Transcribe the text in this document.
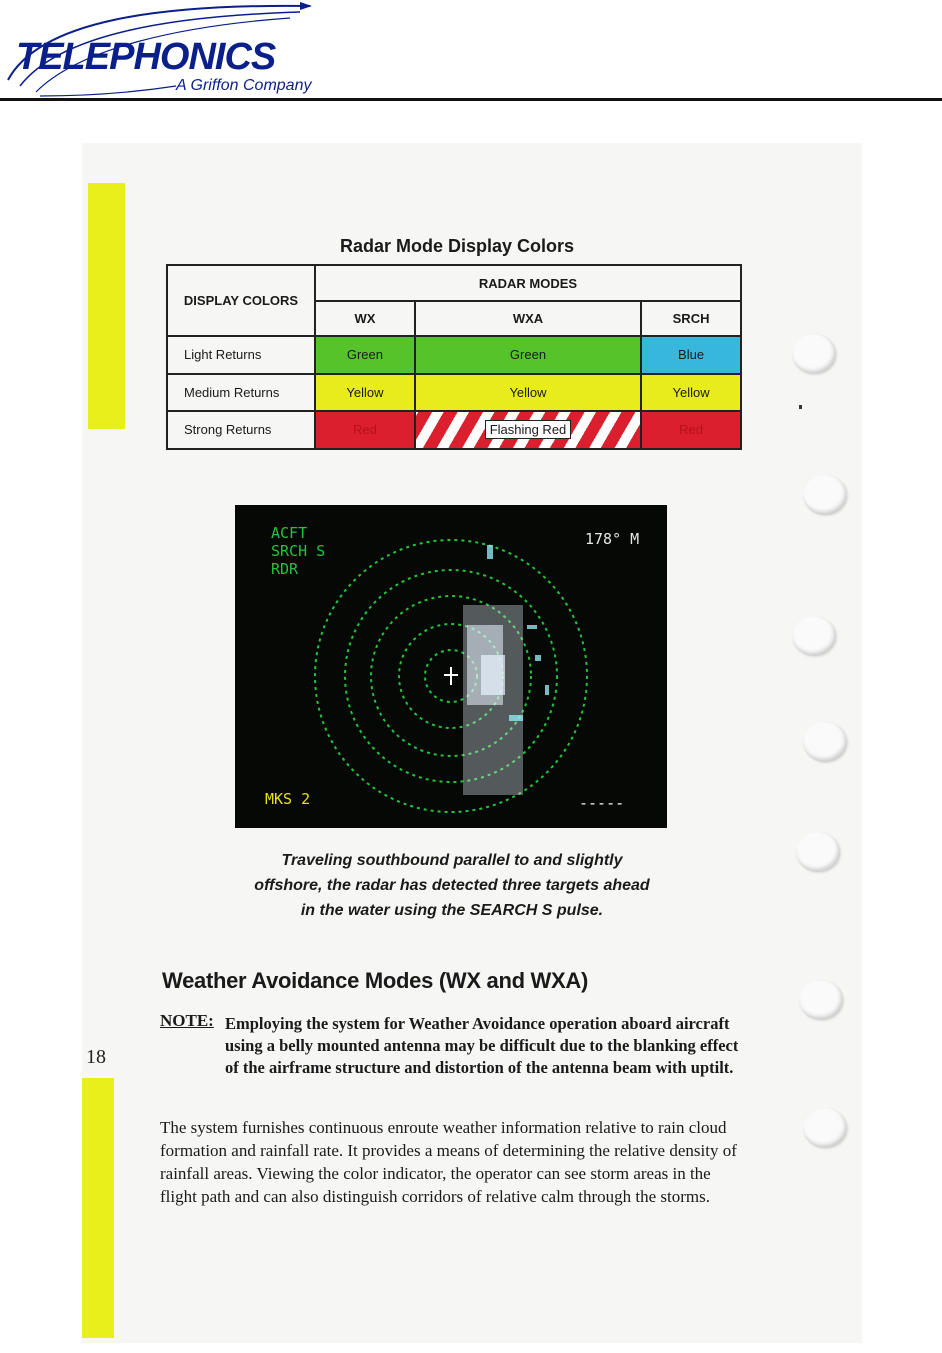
TELEPHONICS
A Griffon Company
18
Radar Mode Display Colors
DISPLAY COLORS	RADAR MODES		
	WX	WXA	SRCH
Light Returns	Green	Green	Blue
Medium Returns	Yellow	Yellow	Yellow
Strong Returns	Red	Flashing Red	Red
ACFT
SRCH S
RDR
178° M
MKS 2	-----
Traveling southbound parallel to and slightly offshore, the radar has detected three targets ahead in the water using the SEARCH S pulse.
Weather Avoidance Modes (WX and WXA)
NOTE: Employing the system for Weather Avoidance operation aboard aircraft using a belly mounted antenna may be difficult due to the blanking effect of the airframe structure and distortion of the antenna beam with uptilt.
The system furnishes continuous enroute weather information relative to rain cloud formation and rainfall rate. It provides a means of determining the relative density of rainfall areas. Viewing the color indicator, the operator can see storm areas in the flight path and can also distinguish corridors of relative calm through the storms.
